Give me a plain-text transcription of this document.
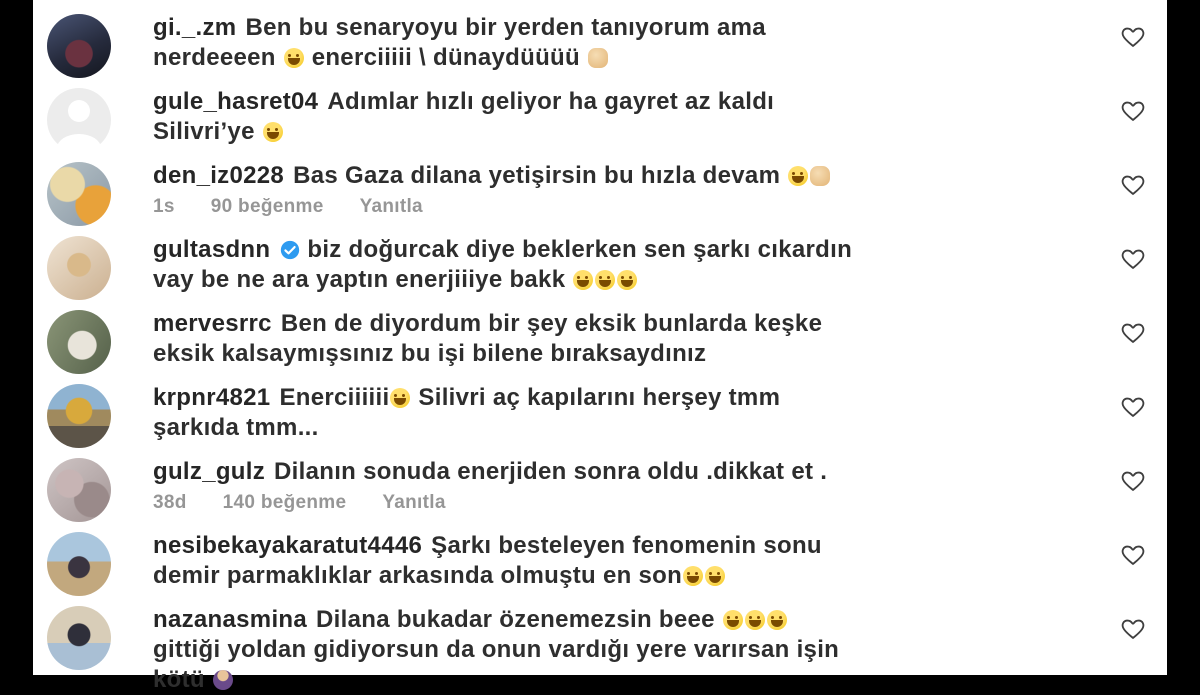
gi._.zm Ben bu senaryoyu bir yerden tanıyorum ama
nerdeeeen  enerciiiii \ dünaydüüüü
gule_hasret04 Adımlar hızlı geliyor ha gayret az kaldı
Silivri’ye
den_iz0228 Bas Gaza dilana yetişirsin bu hızla devam
1s 90 beğenme Yanıtla
gultasdnn biz doğurcak diye beklerken sen şarkı cıkardın
vay be ne ara yaptın enerjiiiye bakk
mervesrrc Ben de diyordum bir şey eksik bunlarda keşke
eksik kalsaymışsınız bu işi bilene bıraksaydınız
krpnr4821 Enerciiiiii Silivri aç kapılarını herşey tmm
şarkıda tmm...
gulz_gulz Dilanın sonuda enerjiden sonra oldu .dikkat et .
38d 140 beğenme Yanıtla
nesibekayakaratut4446 Şarkı besteleyen fenomenin sonu
demir parmaklıklar arkasında olmuştu en son
nazanasmina Dilana bukadar özenemezsin beee
gittiği yoldan gidiyorsun da onun vardığı yere varırsan işin
kötü
